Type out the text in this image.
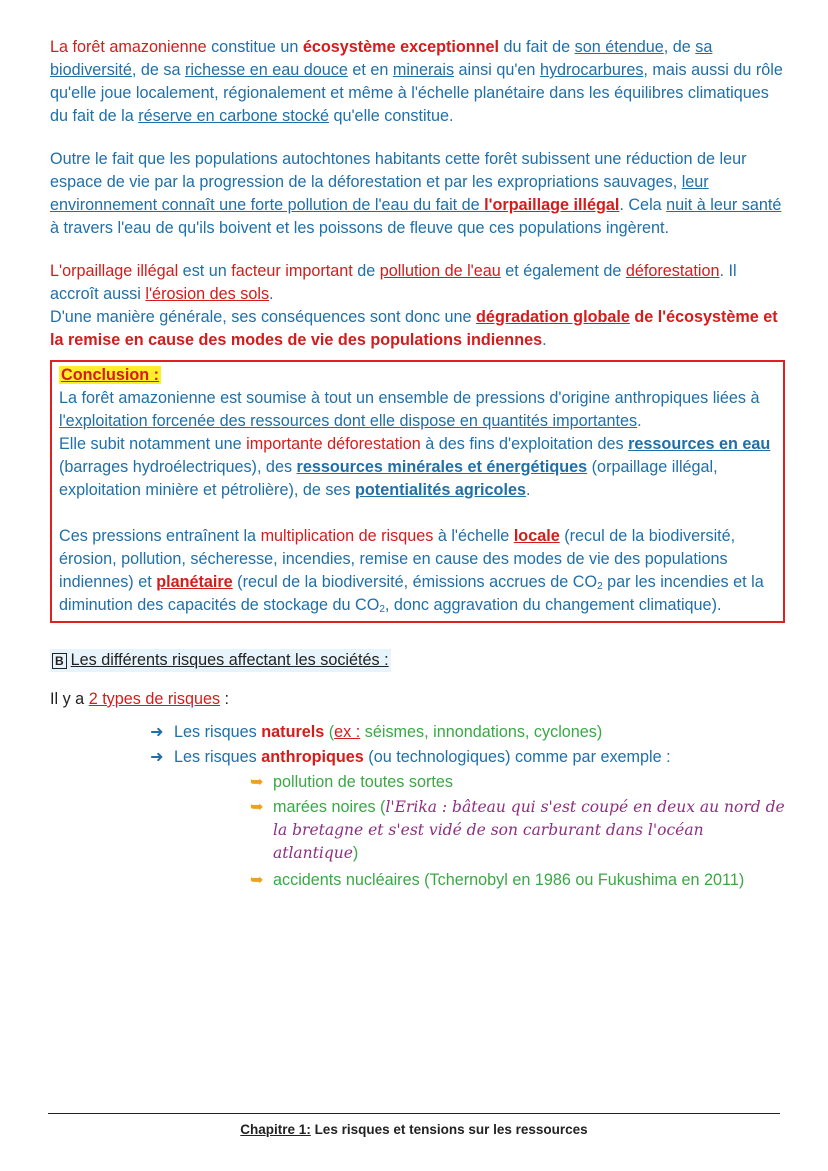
La forêt amazonienne constitue un écosystème exceptionnel du fait de son étendue, de sa biodiversité, de sa richesse en eau douce et en minerais ainsi qu'en hydrocarbures, mais aussi du rôle qu'elle joue localement, régionalement et même à l'échelle planétaire dans les équilibres climatiques du fait de la réserve en carbone stocké qu'elle constitue.

Outre le fait que les populations autochtones habitants cette forêt subissent une réduction de leur espace de vie par la progression de la déforestation et par les expropriations sauvages, leur environnement connaît une forte pollution de l'eau du fait de l'orpaillage illégal. Cela nuit à leur santé à travers l'eau de qu'ils boivent et les poissons de fleuve que ces populations ingèrent.

L'orpaillage illégal est un facteur important de pollution de l'eau et également de déforestation. Il accroît aussi l'érosion des sols.

D'une manière générale, ses conséquences sont donc une dégradation globale de l'écosystème et la remise en cause des modes de vie des populations indiennes.

Conclusion :

La forêt amazonienne est soumise à tout un ensemble de pressions d'origine anthropiques liées à l'exploitation forcenée des ressources dont elle dispose en quantités importantes.
Elle subit notamment une importante déforestation à des fins d'exploitation des ressources en eau (barrages hydroélectriques), des ressources minérales et énergétiques (orpaillage illégal, exploitation minière et pétrolière), de ses potentialités agricoles.

Ces pressions entraînent la multiplication de risques à l'échelle locale (recul de la biodiversité, érosion, pollution, sécheresse, incendies, remise en cause des modes de vie des populations indiennes) et planétaire (recul de la biodiversité, émissions accrues de $CO_2$ par les incendies et la diminution des capacités de stockage du $CO_2$, donc aggravation du changement climatique).

B Les différents risques affectant les sociétés :

Il y a 2 types de risques :

➜ Les risques naturels (ex : séismes, innondations, cyclones)
➜ Les risques anthropiques (ou technologiques) comme par exemple :
➥ pollution de toutes sortes
➥ marées noires (l'Erika : bâteau qui s'est coupé en deux au nord de la bretagne et s'est vidé de son carburant dans l'océan atlantique)
➥ accidents nucléaires (Tchernobyl en 1986 ou Fukushima en 2011)
Chapitre 1: Les risques et tensions sur les ressources
